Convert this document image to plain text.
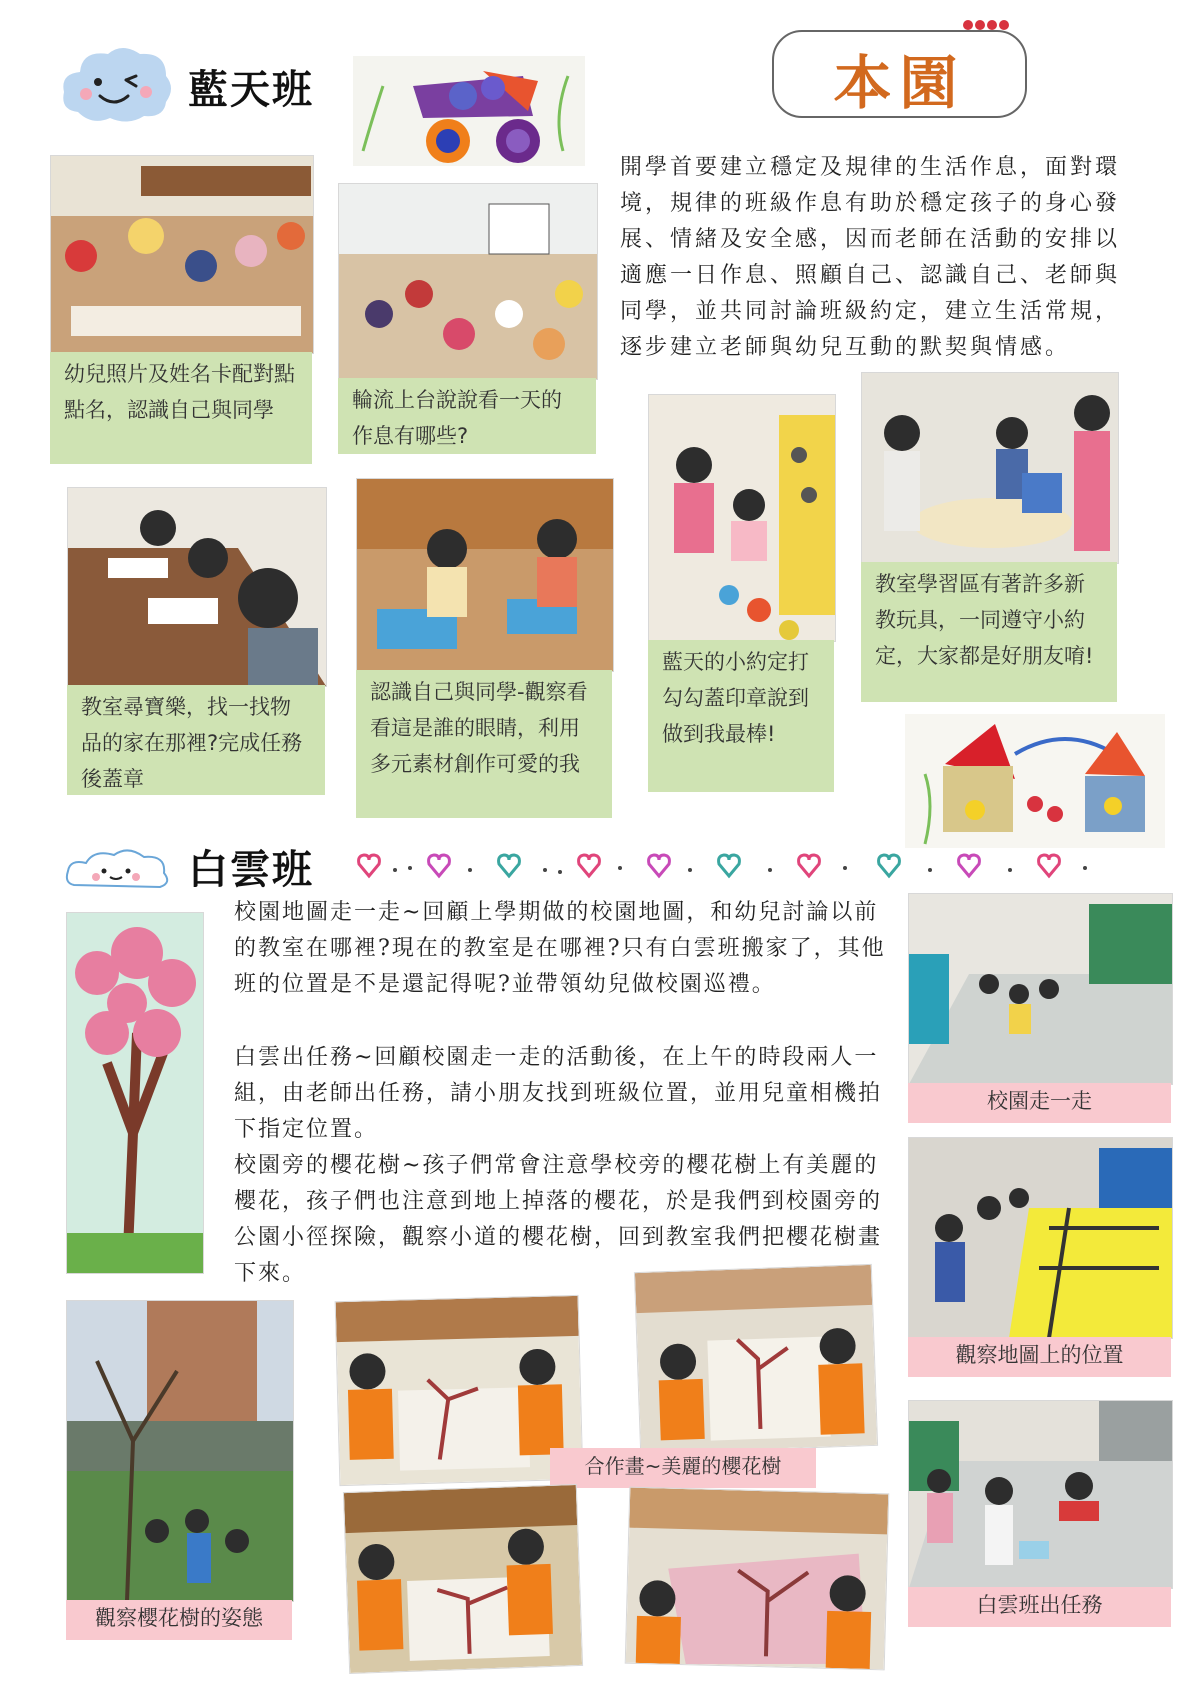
藍天班	本園
開學首要建立穩定及規律的生活作息，面對環境，規律的班級作息有助於穩定孩子的身心發展、情緒及安全感，因而老師在活動的安排以適應一日作息、照顧自己、認識自己、老師與同學，並共同討論班級約定，建立生活常規，逐步建立老師與幼兒互動的默契與情感。
幼兒照片及姓名卡配對點點名，認識自己與同學	輪流上台說說看一天的作息有哪些?
教室尋寶樂，找一找物品的家在那裡?完成任務後蓋章
認識自己與同學-觀察看看這是誰的眼睛，利用多元素材創作可愛的我
藍天的小約定打勾勾蓋印章說到做到我最棒!
教室學習區有著許多新教玩具，一同遵守小約定，大家都是好朋友唷!
白雲班
校園地圖走一走~回顧上學期做的校園地圖，和幼兒討論以前的教室在哪裡?現在的教室是在哪裡?只有白雲班搬家了，其他班的位置是不是還記得呢?並帶領幼兒做校園巡禮。
白雲出任務~回顧校園走一走的活動後，在上午的時段兩人一組，由老師出任務，請小朋友找到班級位置，並用兒童相機拍下指定位置。
校園旁的櫻花樹~孩子們常會注意學校旁的櫻花樹上有美麗的櫻花，孩子們也注意到地上掉落的櫻花，於是我們到校園旁的公園小徑探險，觀察小道的櫻花樹，回到教室我們把櫻花樹畫下來。
校園走一走
觀察地圖上的位置
白雲班出任務
觀察櫻花樹的姿態
合作畫~美麗的櫻花樹
